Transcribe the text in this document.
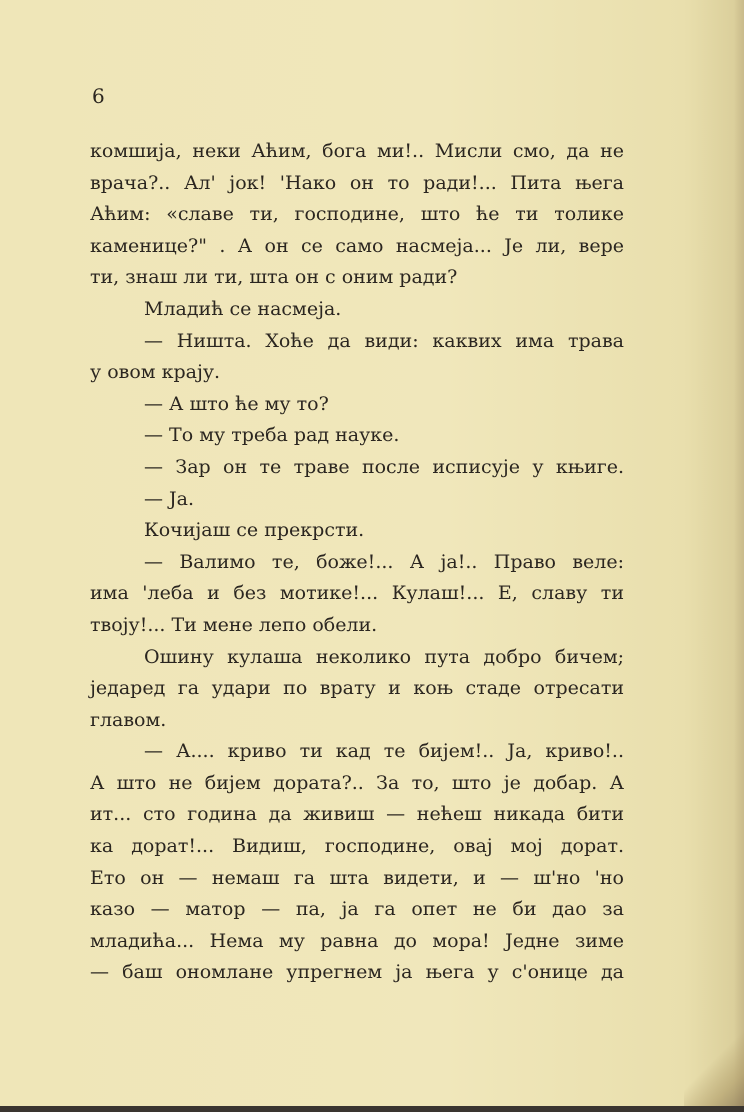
6
комшија, неки Аћим, бога ми!.. Мисли смо, да не
врача?.. Ал' јок! 'Нако он то ради!... Пита њега
Аћим: «славе ти, господине, што ће ти толике
каменице?" . А он се само насмеја... Је ли, вере
ти, знаш ли ти, шта он с оним ради?
Младић се насмеја.
— Ништа. Хоће да види: каквих има трава
у овом крају.
— А што ће му то?
— То му треба рад науке.
— Зар он те траве после исписује у књиге.
— Ја.
Кочијаш се прекрсти.
— Валимо те, боже!... А ја!.. Право веле:
има 'леба и без мотике!... Кулаш!... Е, славу ти
твоју!... Ти мене лепо обели.
Ошину кулаша неколико пута добро бичем;
једаред га удари по врату и коњ стаде отресати
главом.
— А.... криво ти кад те бијем!.. Ја, криво!..
А што не бијем дората?.. За то, што је добар. А
ит... сто година да живиш — нећеш никада бити
ка дорат!... Видиш, господине, овај мој дорат.
Ето он — немаш га шта видети, и — ш'но 'но
казо — матор — па, ја га опет не би дао за
младића... Нема му равна до мора! Једне зиме
— баш ономлане упрегнем ја њега у с'онице да
